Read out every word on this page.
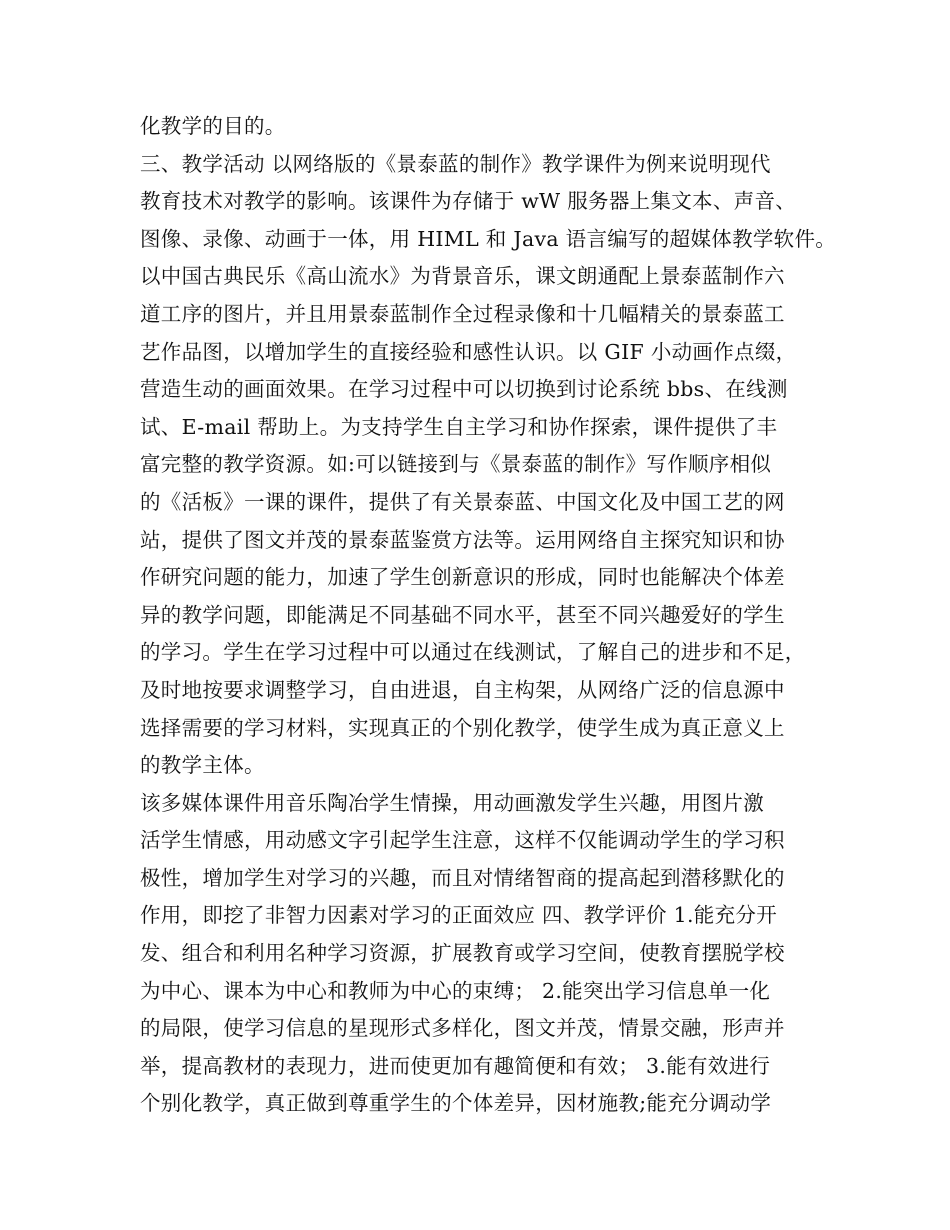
化教学的目的。
三、教学活动 以网络版的《景泰蓝的制作》教学课件为例来说明现代
教育技术对教学的影响。该课件为存储于 wW 服务器上集文本、声音、
图像、录像、动画于一体，用 HIML 和 Java 语言编写的超媒体教学软件。
以中国古典民乐《高山流水》为背景音乐，课文朗通配上景泰蓝制作六
道工序的图片，并且用景泰蓝制作全过程录像和十几幅精关的景泰蓝工
艺作品图，以增加学生的直接经验和感性认识。以 GIF 小动画作点缀，
营造生动的画面效果。在学习过程中可以切换到讨论系统 bbs、在线测
试、E-mail 帮助上。为支持学生自主学习和协作探索，课件提供了丰
富完整的教学资源。如:可以链接到与《景泰蓝的制作》写作顺序相似
的《活板》一课的课件，提供了有关景泰蓝、中国文化及中国工艺的网
站，提供了图文并茂的景泰蓝鉴赏方法等。运用网络自主探究知识和协
作研究问题的能力，加速了学生创新意识的形成，同时也能解决个体差
异的教学问题，即能满足不同基础不同水平，甚至不同兴趣爱好的学生
的学习。学生在学习过程中可以通过在线测试，了解自己的进步和不足，
及时地按要求调整学习，自由进退，自主构架，从网络广泛的信息源中
选择需要的学习材料，实现真正的个别化教学，使学生成为真正意义上
的教学主体。
该多媒体课件用音乐陶冶学生情操，用动画激发学生兴趣，用图片激
活学生情感，用动感文字引起学生注意，这样不仅能调动学生的学习积
极性，增加学生对学习的兴趣，而且对情绪智商的提高起到潜移默化的
作用，即挖了非智力因素对学习的正面效应 四、教学评价 1.能充分开
发、组合和利用名种学习资源，扩展教育或学习空间，使教育摆脱学校
为中心、课本为中心和教师为中心的束缚； 2.能突出学习信息单一化
的局限，使学习信息的星现形式多样化，图文并茂，情景交融，形声并
举，提高教材的表现力，进而使更加有趣简便和有效； 3.能有效进行
个别化教学，真正做到尊重学生的个体差异，因材施教;能充分调动学
